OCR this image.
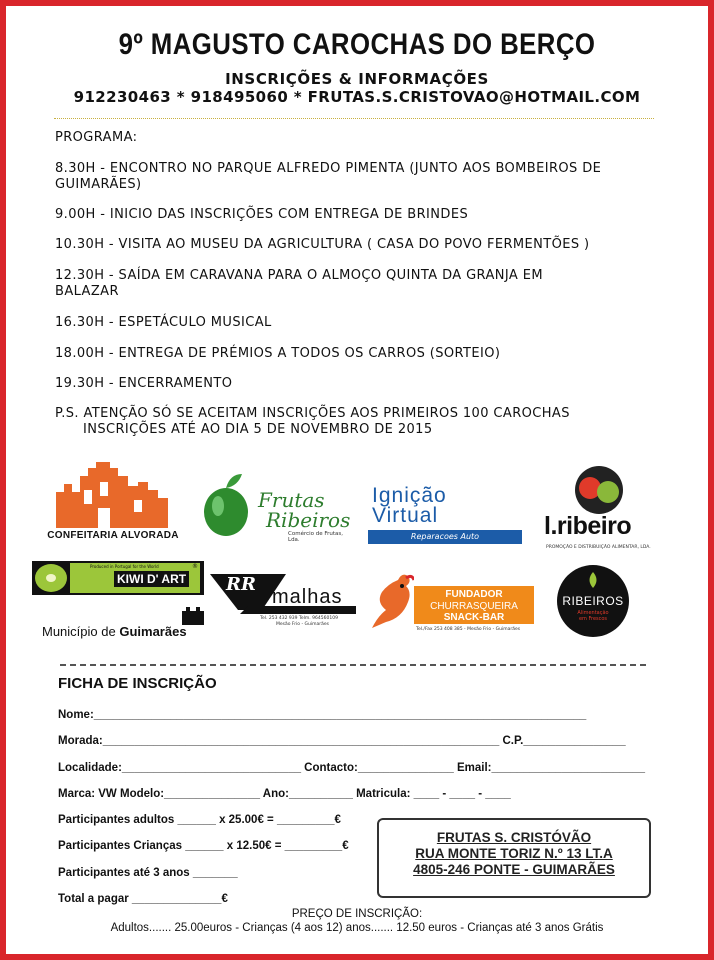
9º MAGUSTO CAROCHAS DO BERÇO
INSCRIÇÕES & INFORMAÇÕES
912230463 * 918495060 * FRUTAS.S.CRISTOVAO@HOTMAIL.COM
PROGRAMA:
8.30H - ENCONTRO NO PARQUE ALFREDO PIMENTA (JUNTO AOS BOMBEIROS DE
GUIMARÃES)
9.00H - INICIO DAS INSCRIÇÕES COM ENTREGA DE BRINDES
10.30H - VISITA AO MUSEU DA AGRICULTURA ( CASA DO POVO FERMENTÕES )
12.30H - SAÍDA EM CARAVANA PARA O ALMOÇO QUINTA DA GRANJA EM
BALAZAR
16.30H - ESPETÁCULO MUSICAL
18.00H - ENTREGA DE PRÉMIOS A TODOS OS CARROS (SORTEIO)
19.30H - ENCERRAMENTO
P.S. ATENÇÃO SÓ SE ACEITAM INSCRIÇÕES AOS PRIMEIROS 100 CAROCHAS
INSCRIÇÕES ATÉ AO DIA 5 DE NOVEMBRO DE 2015
CONFEITARIA ALVORADA
Frutas
Ribeiros
Comércio de Frutas, Lda.
Ignição
Virtual
Reparacoes Auto	l.ribeiro
PROMOÇÃO E DISTRIBUIÇÃO ALIMENTAR, LDA.
Produced in Portugal for the World
KIWI D' ART
®
Município de Guimarães
RR
malhas
Tel. 253 432 939 Telm. 964560109
Mesão Frio - Guimarães
FUNDADOR
CHURRASQUEIRA
SNACK-BAR
Tel./Fax 253 408 385 - Mesão Frio - Guimarães
RIBEIROS
Alimentação
em Frescos
FICHA DE INSCRIÇÃO
Nome:_____________________________________________________________________________
Morada:______________________________________________________________ C.P.________________
Localidade:____________________________ Contacto:_______________ Email:________________________
Marca: VW Modelo:_______________ Ano:__________ Matricula: ____ - ____ - ____
Participantes adultos ______ x 25.00€ = _________€
Participantes Crianças ______ x 12.50€ = _________€
Participantes até 3 anos _______
Total a pagar ______________€
FRUTAS S. CRISTÓVÃO
RUA MONTE TORIZ N.º 13 LT.A
4805-246 PONTE - GUIMARÃES
PREÇO DE INSCRIÇÃO:
Adultos....... 25.00euros - Crianças (4 aos 12) anos....... 12.50 euros - Crianças até 3 anos Grátis
